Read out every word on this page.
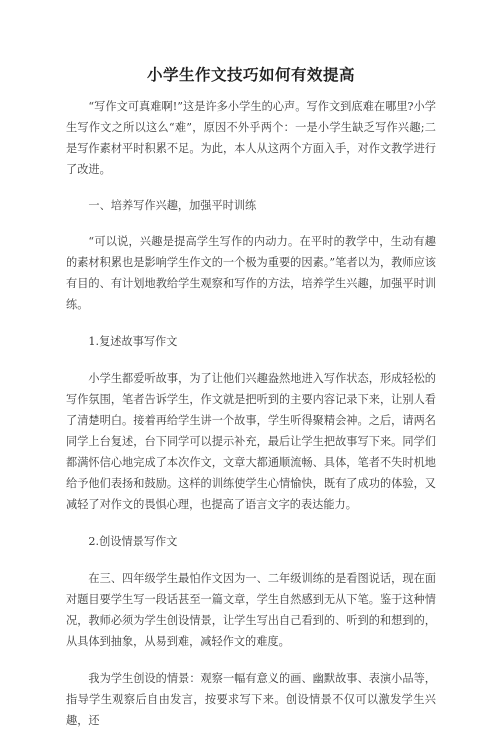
小学生作文技巧如何有效提高

“写作文可真难啊!”这是许多小学生的心声。写作文到底难在哪里?小学生写作文之所以这么“难”，原因不外乎两个：一是小学生缺乏写作兴趣;二是写作素材平时积累不足。为此，本人从这两个方面入手，对作文教学进行了改进。

一、培养写作兴趣，加强平时训练

“可以说，兴趣是提高学生写作的内动力。在平时的教学中，生动有趣的素材积累也是影响学生作文的一个极为重要的因素。”笔者以为，教师应该有目的、有计划地教给学生观察和写作的方法，培养学生兴趣，加强平时训练。

1.复述故事写作文

小学生都爱听故事，为了让他们兴趣盎然地进入写作状态，形成轻松的写作氛围，笔者告诉学生，作文就是把听到的主要内容记录下来，让别人看了清楚明白。接着再给学生讲一个故事，学生听得聚精会神。之后，请两名同学上台复述，台下同学可以提示补充，最后让学生把故事写下来。同学们都满怀信心地完成了本次作文，文章大都通顺流畅、具体，笔者不失时机地给予他们表扬和鼓励。这样的训练使学生心情愉快，既有了成功的体验，又减轻了对作文的畏惧心理，也提高了语言文字的表达能力。

2.创设情景写作文

在三、四年级学生最怕作文因为一、二年级训练的是看图说话，现在面对题目要学生写一段话甚至一篇文章，学生自然感到无从下笔。鉴于这种情况，教师必须为学生创设情景，让学生写出自己看到的、听到的和想到的，从具体到抽象，从易到难，减轻作文的难度。

我为学生创设的情景：观察一幅有意义的画、幽默故事、表演小品等，指导学生观察后自由发言，按要求写下来。创设情景不仅可以激发学生兴趣，还
